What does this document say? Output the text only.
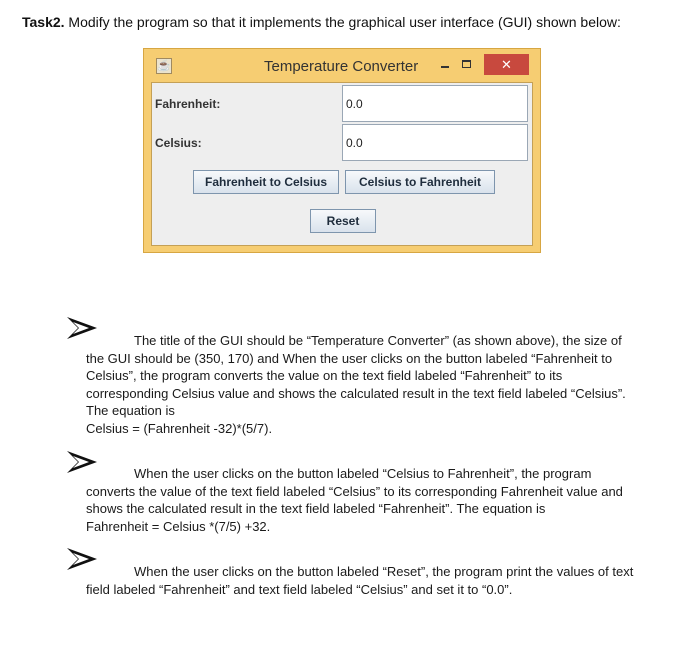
Task2. Modify the program so that it implements the graphical user interface (GUI) shown below:
☕	Temperature Converter	✕
Fahrenheit:
0.0
Celsius:
0.0
Fahrenheit to Celsius	Celsius to Fahrenheit
Reset
The title of the GUI should be “Temperature Converter” (as shown above), the size of
the GUI should be (350, 170) and When the user clicks on the button labeled “Fahrenheit to
Celsius”, the program converts the value on the text field labeled “Fahrenheit” to its
corresponding Celsius value and shows the calculated result in the text field labeled “Celsius”.
The equation is
Celsius = (Fahrenheit -32)*(5/7).
When the user clicks on the button labeled “Celsius to Fahrenheit”, the program
converts the value of the text field labeled “Celsius” to its corresponding Fahrenheit value and
shows the calculated result in the text field labeled “Fahrenheit”. The equation is
Fahrenheit = Celsius *(7/5) +32.
When the user clicks on the button labeled “Reset”, the program print the values of text
field labeled “Fahrenheit” and text field labeled “Celsius” and set it to “0.0”.
